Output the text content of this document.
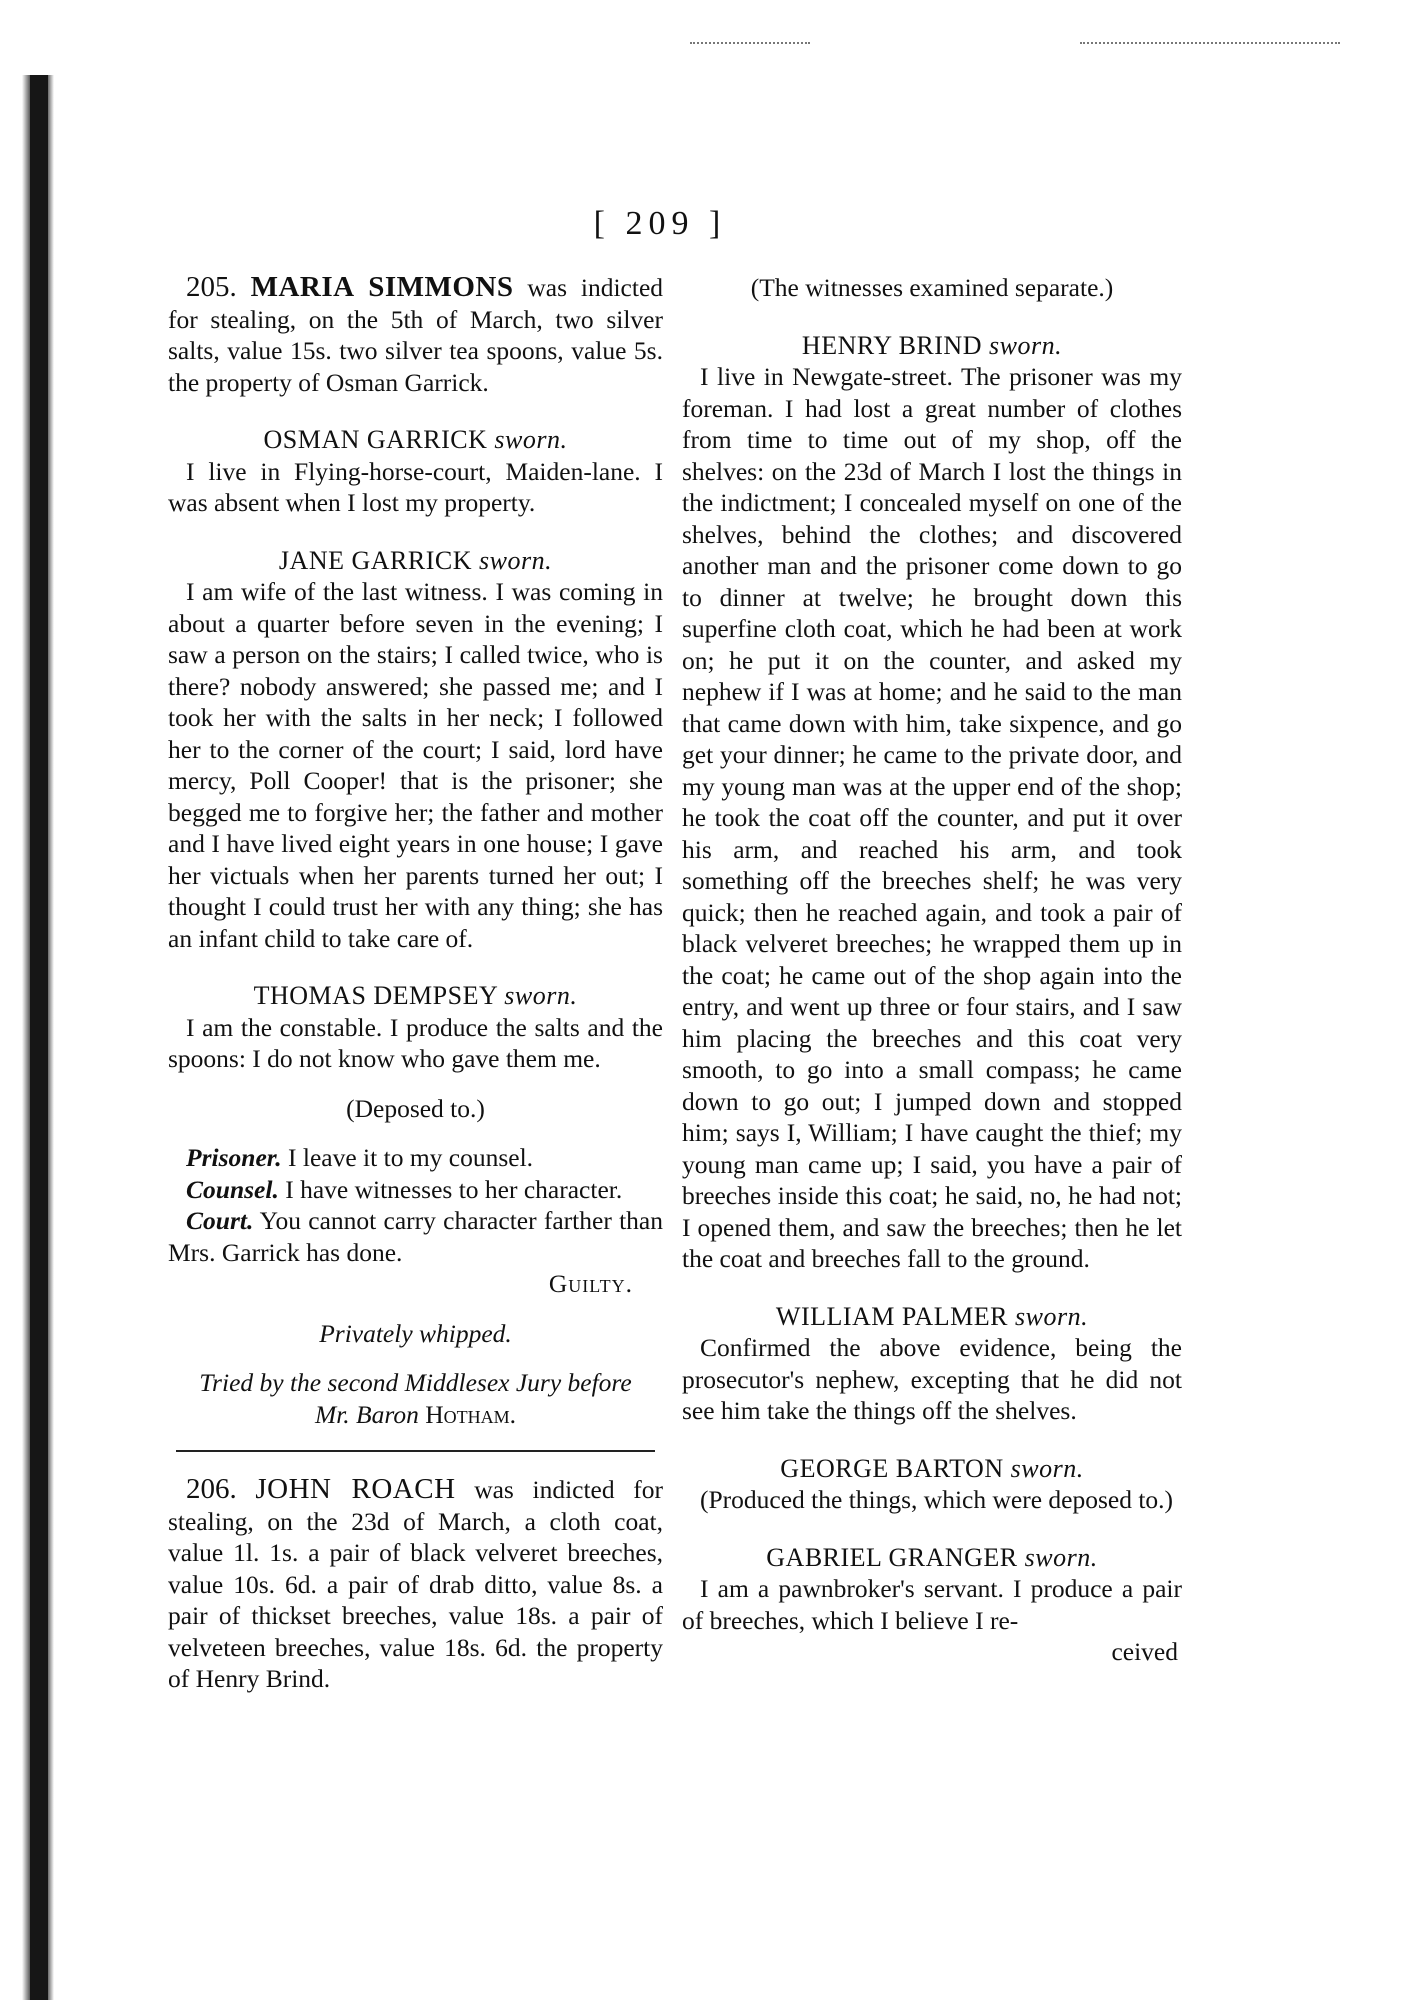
[ 209 ]

205. MARIA SIMMONS was indicted for stealing, on the 5th of March, two silver salts, value 15s. two silver tea spoons, value 5s. the property of Osman Garrick.

OSMAN GARRICK sworn.

I live in Flying-horse-court, Maiden-lane. I was absent when I lost my property.

JANE GARRICK sworn.

I am wife of the last witness. I was coming in about a quarter before seven in the evening; I saw a person on the stairs; I called twice, who is there? nobody answered; she passed me; and I took her with the salts in her neck; I followed her to the corner of the court; I said, lord have mercy, Poll Cooper! that is the prisoner; she begged me to forgive her; the father and mother and I have lived eight years in one house; I gave her victuals when her parents turned her out; I thought I could trust her with any thing; she has an infant child to take care of.

THOMAS DEMPSEY sworn.

I am the constable. I produce the salts and the spoons: I do not know who gave them me.

(Deposed to.)

Prisoner. I leave it to my counsel.

Counsel. I have witnesses to her character.

Court. You cannot carry character farther than Mrs. Garrick has done.

Guilty.

Privately whipped.

Tried by the second Middlesex Jury before

Mr. Baron Hotham.

206. JOHN ROACH was indicted for stealing, on the 23d of March, a cloth coat, value 1l. 1s. a pair of black velveret breeches, value 10s. 6d. a pair of drab ditto, value 8s. a pair of thickset breeches, value 18s. a pair of velveteen breeches, value 18s. 6d. the property of Henry Brind.

(The witnesses examined separate.)

HENRY BRIND sworn.

I live in Newgate-street. The prisoner was my foreman. I had lost a great number of clothes from time to time out of my shop, off the shelves: on the 23d of March I lost the things in the indictment; I concealed myself on one of the shelves, behind the clothes; and discovered another man and the prisoner come down to go to dinner at twelve; he brought down this superfine cloth coat, which he had been at work on; he put it on the counter, and asked my nephew if I was at home; and he said to the man that came down with him, take sixpence, and go get your dinner; he came to the private door, and my young man was at the upper end of the shop; he took the coat off the counter, and put it over his arm, and reached his arm, and took something off the breeches shelf; he was very quick; then he reached again, and took a pair of black velveret breeches; he wrapped them up in the coat; he came out of the shop again into the entry, and went up three or four stairs, and I saw him placing the breeches and this coat very smooth, to go into a small compass; he came down to go out; I jumped down and stopped him; says I, William; I have caught the thief; my young man came up; I said, you have a pair of breeches inside this coat; he said, no, he had not; I opened them, and saw the breeches; then he let the coat and breeches fall to the ground.

WILLIAM PALMER sworn.

Confirmed the above evidence, being the prosecutor's nephew, excepting that he did not see him take the things off the shelves.

GEORGE BARTON sworn.

(Produced the things, which were deposed to.)

GABRIEL GRANGER sworn.

I am a pawnbroker's servant. I produce a pair of breeches, which I believe I re-

ceived
